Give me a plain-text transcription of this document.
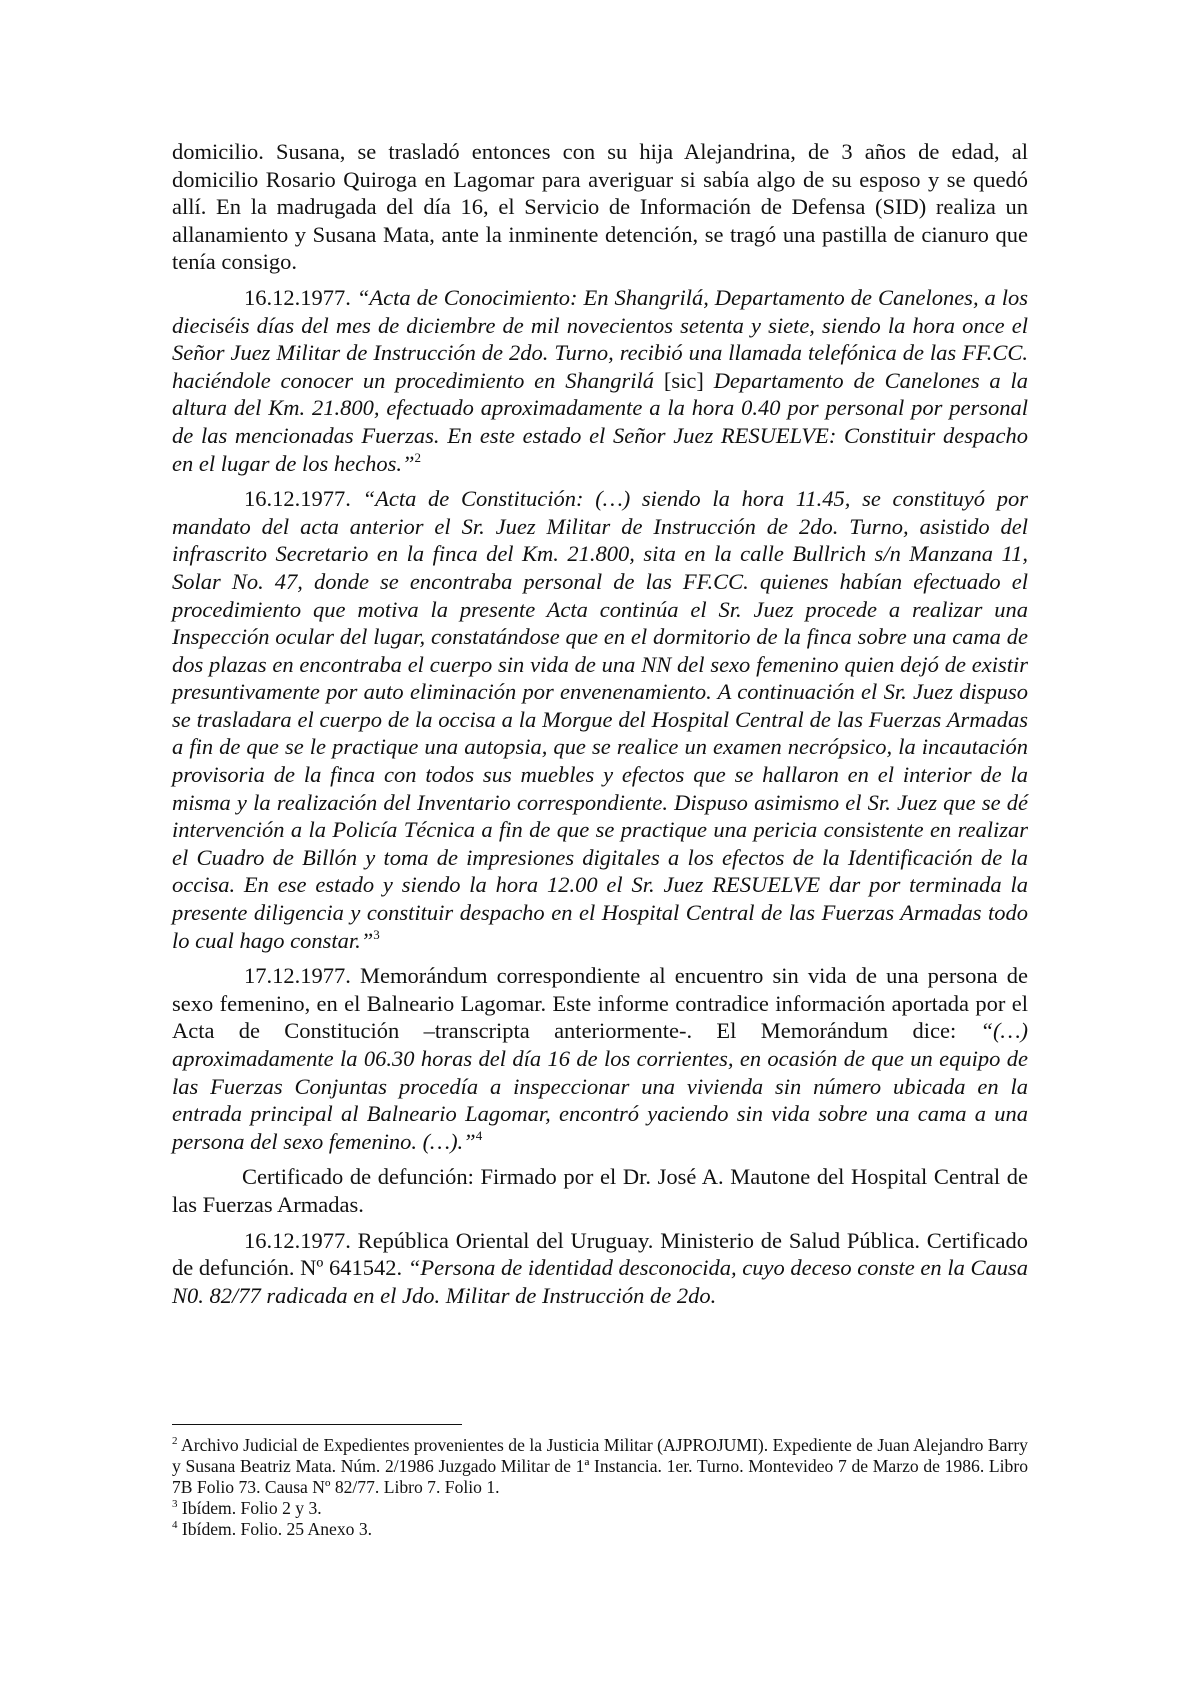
domicilio. Susana, se trasladó entonces con su hija Alejandrina, de 3 años de edad, al domicilio Rosario Quiroga en Lagomar para averiguar si sabía algo de su esposo y se quedó allí. En la madrugada del día 16, el Servicio de Información de Defensa (SID) realiza un allanamiento y Susana Mata, ante la inminente detención, se tragó una pastilla de cianuro que tenía consigo.

16.12.1977. “Acta de Conocimiento: En Shangrilá, Departamento de Canelones, a los dieciséis días del mes de diciembre de mil novecientos setenta y siete, siendo la hora once el Señor Juez Militar de Instrucción de 2do. Turno, recibió una llamada telefónica de las FF.CC. haciéndole conocer un procedimiento en Shangrilá [sic] Departamento de Canelones a la altura del Km. 21.800, efectuado aproximadamente a la hora 0.40 por personal por personal de las mencionadas Fuerzas. En este estado el Señor Juez RESUELVE: Constituir despacho en el lugar de los hechos.”$^2$

16.12.1977. “Acta de Constitución: (…) siendo la hora 11.45, se constituyó por mandato del acta anterior el Sr. Juez Militar de Instrucción de 2do. Turno, asistido del infrascrito Secretario en la finca del Km. 21.800, sita en la calle Bullrich s/n Manzana 11, Solar No. 47, donde se encontraba personal de las FF.CC. quienes habían efectuado el procedimiento que motiva la presente Acta continúa el Sr. Juez procede a realizar una Inspección ocular del lugar, constatándose que en el dormitorio de la finca sobre una cama de dos plazas en encontraba el cuerpo sin vida de una NN del sexo femenino quien dejó de existir presuntivamente por auto eliminación por envenenamiento. A continuación el Sr. Juez dispuso se trasladara el cuerpo de la occisa a la Morgue del Hospital Central de las Fuerzas Armadas a fin de que se le practique una autopsia, que se realice un examen necrópsico, la incautación provisoria de la finca con todos sus muebles y efectos que se hallaron en el interior de la misma y la realización del Inventario correspondiente. Dispuso asimismo el Sr. Juez que se dé intervención a la Policía Técnica a fin de que se practique una pericia consistente en realizar el Cuadro de Billón y toma de impresiones digitales a los efectos de la Identificación de la occisa. En ese estado y siendo la hora 12.00 el Sr. Juez RESUELVE dar por terminada la presente diligencia y constituir despacho en el Hospital Central de las Fuerzas Armadas todo lo cual hago constar.”$^3$

17.12.1977. Memorándum correspondiente al encuentro sin vida de una persona de sexo femenino, en el Balneario Lagomar. Este informe contradice información aportada por el Acta de Constitución –transcripta anteriormente-. El Memorándum dice: “(…) aproximadamente la 06.30 horas del día 16 de los corrientes, en ocasión de que un equipo de las Fuerzas Conjuntas procedía a inspeccionar una vivienda sin número ubicada en la entrada principal al Balneario Lagomar, encontró yaciendo sin vida sobre una cama a una persona del sexo femenino. (…).”$^4$

Certificado de defunción: Firmado por el Dr. José A. Mautone del Hospital Central de las Fuerzas Armadas.

16.12.1977. República Oriental del Uruguay. Ministerio de Salud Pública. Certificado de defunción. Nº 641542. “Persona de identidad desconocida, cuyo deceso conste en la Causa N0. 82/77 radicada en el Jdo. Militar de Instrucción de 2do.

$^2$ Archivo Judicial de Expedientes provenientes de la Justicia Militar (AJPROJUMI). Expediente de Juan Alejandro Barry y Susana Beatriz Mata. Núm. 2/1986 Juzgado Militar de 1ª Instancia. 1er. Turno. Montevideo 7 de Marzo de 1986. Libro 7B Folio 73. Causa Nº 82/77. Libro 7. Folio 1.

$^3$ Ibídem. Folio 2 y 3.

$^4$ Ibídem. Folio. 25 Anexo 3.
